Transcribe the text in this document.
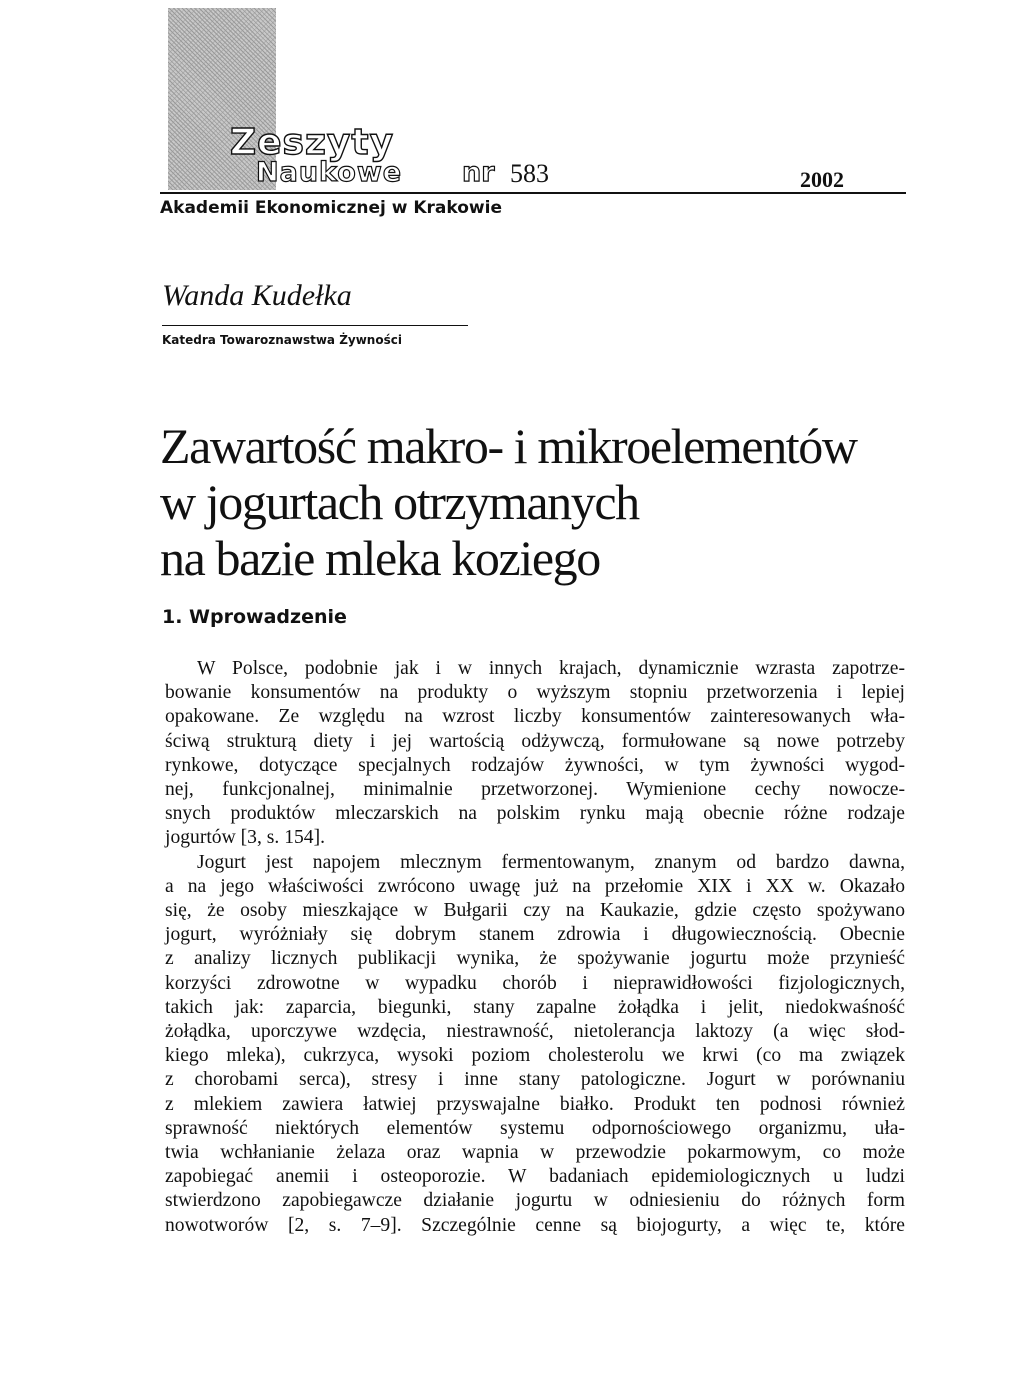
Zeszyty
Naukowe nr 583	2002
Akademii Ekonomicznej w Krakowie
Wanda Kudełka
Katedra Towaroznawstwa Żywności
Zawartość makro- i mikroelementów
w jogurtach otrzymanych
na bazie mleka koziego
1. Wprowadzenie
W Polsce, podobnie jak i w innych krajach, dynamicznie wzrasta zapotrze-
bowanie konsumentów na produkty o wyższym stopniu przetworzenia i lepiej
opakowane. Ze względu na wzrost liczby konsumentów zainteresowanych wła-
ściwą strukturą diety i jej wartością odżywczą, formułowane są nowe potrzeby
rynkowe, dotyczące specjalnych rodzajów żywności, w tym żywności wygod-
nej, funkcjonalnej, minimalnie przetworzonej. Wymienione cechy nowocze-
snych produktów mleczarskich na polskim rynku mają obecnie różne rodzaje
jogurtów [3, s. 154].
Jogurt jest napojem mlecznym fermentowanym, znanym od bardzo dawna,
a na jego właściwości zwrócono uwagę już na przełomie XIX i XX w. Okazało
się, że osoby mieszkające w Bułgarii czy na Kaukazie, gdzie często spożywano
jogurt, wyróżniały się dobrym stanem zdrowia i długowiecznością. Obecnie
z analizy licznych publikacji wynika, że spożywanie jogurtu może przynieść
korzyści zdrowotne w wypadku chorób i nieprawidłowości fizjologicznych,
takich jak: zaparcia, biegunki, stany zapalne żołądka i jelit, niedokwaśność
żołądka, uporczywe wzdęcia, niestrawność, nietolerancja laktozy (a więc słod-
kiego mleka), cukrzyca, wysoki poziom cholesterolu we krwi (co ma związek
z chorobami serca), stresy i inne stany patologiczne. Jogurt w porównaniu
z mlekiem zawiera łatwiej przyswajalne białko. Produkt ten podnosi również
sprawność niektórych elementów systemu odpornościowego organizmu, uła-
twia wchłanianie żelaza oraz wapnia w przewodzie pokarmowym, co może
zapobiegać anemii i osteoporozie. W badaniach epidemiologicznych u ludzi
stwierdzono zapobiegawcze działanie jogurtu w odniesieniu do różnych form
nowotworów [2, s. 7–9]. Szczególnie cenne są biojogurty, a więc te, które
